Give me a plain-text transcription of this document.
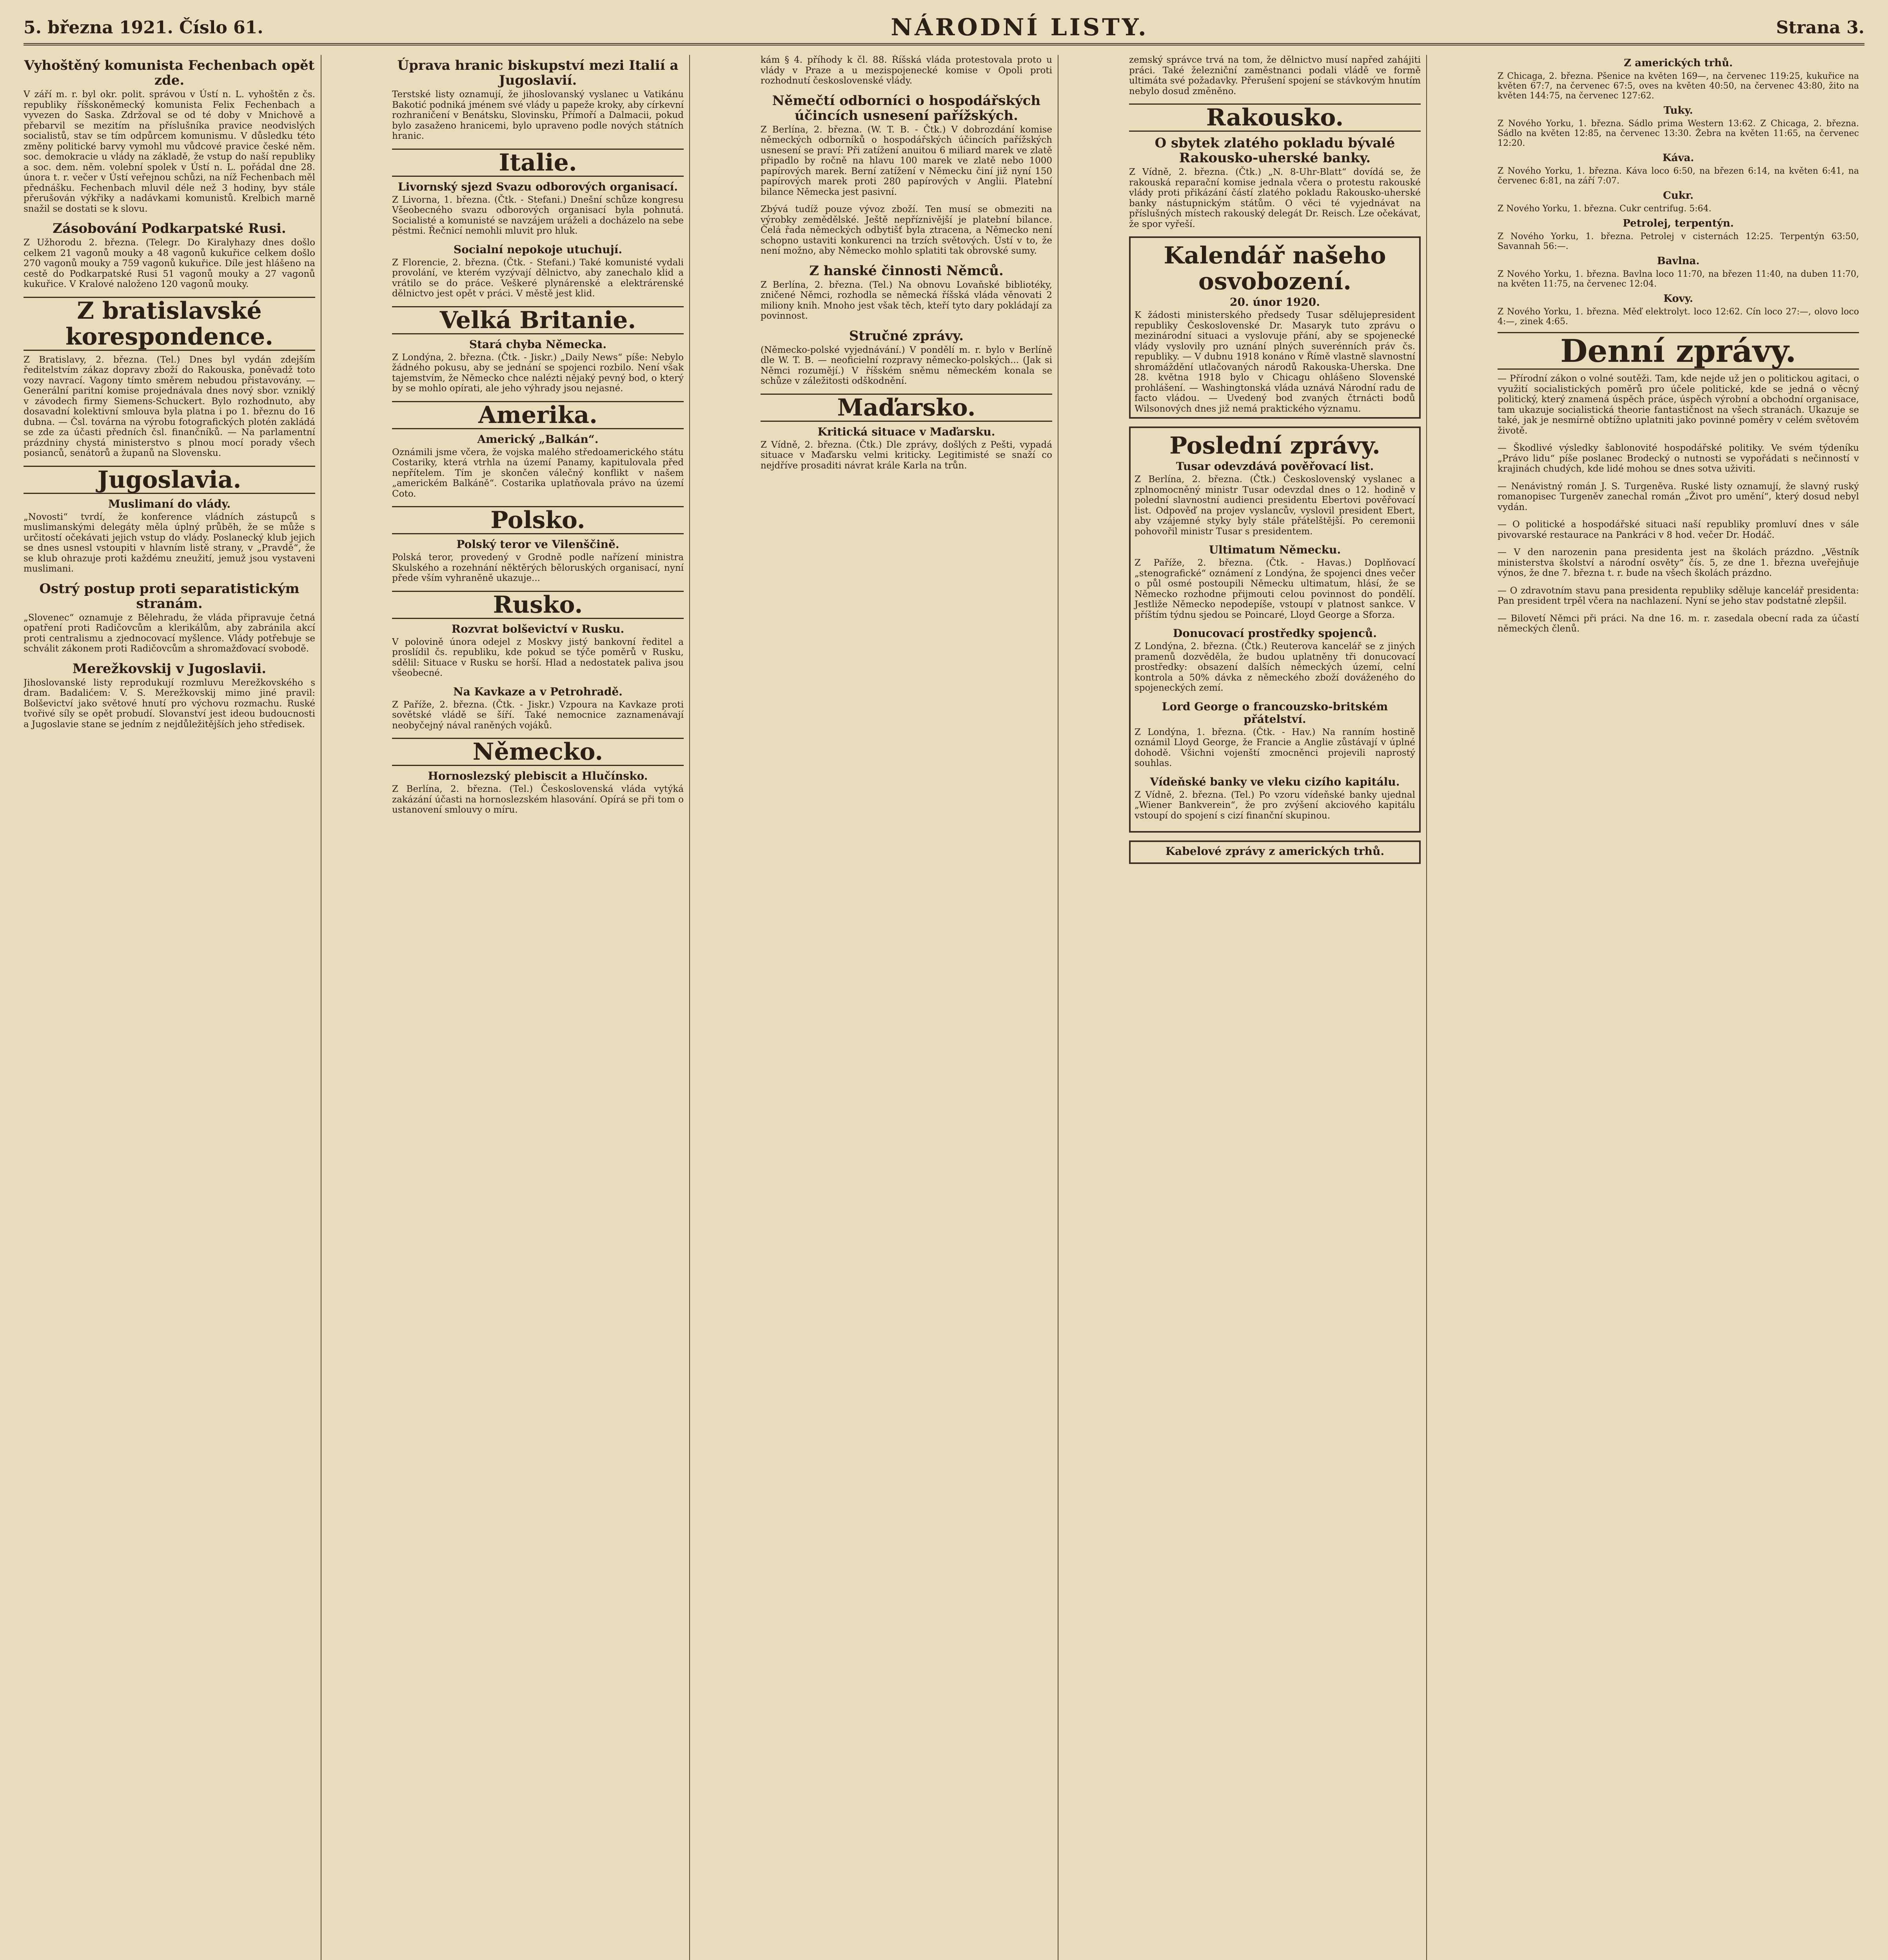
5. března 1921. Číslo 61.	NÁRODNÍ LISTY.	Strana 3.
Vyhoštěný komunista Fechenbach opět zde.
V září m. r. byl okr. polit. správou v Ústí n. L. vyhoštěn z čs. republiky říšskoněmecký komunista Felix Fechenbach a vyvezen do Saska. Zdržoval se od té doby v Mnichově a přebarvil se mezitím na příslušníka pravice neodvislých socialistů, stav se tím odpůrcem komunismu. V důsledku této změny politické barvy vymohl mu vůdcové pravice české něm. soc. demokracie u vlády na základě, že vstup do naší republiky a soc. dem. něm. volební spolek v Ústí n. L. pořádal dne 28. února t. r. večer v Ústí veřejnou schůzi, na níž Fechenbach měl přednášku. Fechenbach mluvil déle než 3 hodiny, byv stále přerušován výkřiky a nadávkami komunistů. Krelbich marně snažil se dostati se k slovu.
Zásobování Podkarpatské Rusi.
Z Užhorodu 2. března. (Telegr. Do Kiralyhazy dnes došlo celkem 21 vagonů mouky a 48 vagonů kukuřice celkem došlo 270 vagonů mouky a 759 vagonů kukuřice. Díle jest hlášeno na cestě do Podkarpatské Rusi 51 vagonů mouky a 27 vagonů kukuřice. V Kralové naloženo 120 vagonů mouky.
Z bratislavské korespondence.
Z Bratislavy, 2. března. (Tel.) Dnes byl vydán zdejším ředitelstvím zákaz dopravy zboží do Rakouska, poněvadž toto vozy navrací. Vagony tímto směrem nebudou přistavovány. — Generální paritní komise projednávala dnes nový sbor. vzniklý v závodech firmy Siemens-Schuckert. Bylo rozhodnuto, aby dosavadní kolektivní smlouva byla platna i po 1. březnu do 16 dubna. — Čsl. továrna na výrobu fotografických plotén zakládá se zde za účasti předních čsl. finančníků. — Na parlamentní prázdniny chystá ministerstvo s plnou mocí porady všech posianců, senátorů a županů na Slovensku.
Jugoslavia.
Muslimaní do vlády.
„Novosti“ tvrdí, že konference vládních zástupců s muslimanskými delegáty měla úplný průběh, že se může s určitostí očekávati jejich vstup do vlády. Poslanecký klub jejich se dnes usnesl vstoupiti v hlavním listě strany, v „Pravdě“, že se klub ohrazuje proti každému zneužití, jemuž jsou vystaveni muslimani.
Ostrý postup proti separatistickým stranám.
„Slovenec“ oznamuje z Bělehradu, že vláda připravuje četná opatření proti Radičovcům a klerikálům, aby zabránila akcí proti centralismu a zjednocovací myšlence. Vlády potřebuje se schválit zákonem proti Radičovcům a shromažďovací svobodě.
Merežkovskij v Jugoslavii.
Jihoslovanské listy reprodukují rozmluvu Merežkovského s dram. Badalićem: V. S. Merežkovskij mimo jiné pravil: Bolševictví jako světové hnutí pro výchovu rozmachu. Ruské tvořivé síly se opět probudí. Slovanství jest ideou budoucnosti a Jugoslavie stane se jedním z nejdůležitějších jeho středisek.
Úprava hranic biskupství mezi Italií a Jugoslavií.
Terstské listy oznamují, že jihoslovanský vyslanec u Vatikánu Bakotić podniká jménem své vlády u papeže kroky, aby církevní rozhraničení v Benátsku, Slovinsku, Přímoří a Dalmacii, pokud bylo zasaženo hranicemi, bylo upraveno podle nových státních hranic.
Italie.
Livornský sjezd Svazu odborových organisací.
Z Livorna, 1. března. (Čtk. - Stefani.) Dnešní schůze kongresu Všeobecného svazu odborových organisací byla pohnutá. Socialisté a komunisté se navzájem uráželi a docházelo na sebe pěstmi. Řečnicí nemohli mluvit pro hluk.
Socialní nepokoje utuchují.
Z Florencie, 2. března. (Čtk. - Stefani.) Také komunisté vydali provolání, ve kterém vyzývají dělnictvo, aby zanechalo klid a vrátilo se do práce. Veškeré plynárenské a elektrárenské dělnictvo jest opět v práci. V městě jest klid.
Velká Britanie.
Stará chyba Německa.
Z Londýna, 2. března. (Čtk. - Jiskr.) „Daily News“ píše: Nebylo žádného pokusu, aby se jednání se spojenci rozbilo. Není však tajemstvím, že Německo chce nalézti nějaký pevný bod, o který by se mohlo opírati, ale jeho výhrady jsou nejasné.
Amerika.
Americký „Balkán“.
Oznámili jsme včera, že vojska malého středoamerického státu Costariky, která vtrhla na území Panamy, kapitulovala před nepřítelem. Tím je skončen válečný konflikt v našem „americkém Balkáně“. Costarika uplatňovala právo na území Coto.
Polsko.
Polský teror ve Vilenščině.
Polská teror, provedený v Grodně podle nařízení ministra Skulského a rozehnání něktěrých běloruských organisací, nyní přede vším vyhraněně ukazuje...
Rusko.
Rozvrat bolševictví v Rusku.
V polovině února odejel z Moskvy jistý bankovní ředitel a proslídil čs. republiku, kde pokud se týče poměrů v Rusku, sdělil: Situace v Rusku se horší. Hlad a nedostatek paliva jsou všeobecné.
Na Kavkaze a v Petrohradě.
Z Paříže, 2. března. (Čtk. - Jiskr.) Vzpoura na Kavkaze proti sovětské vládě se šíří. Také nemocnice zaznamenávají neobyčejný nával raněných vojáků.
Německo.
Hornoslezský plebiscit a Hlučínsko.
Z Berlína, 2. března. (Tel.) Československá vláda vytýká zakázání účasti na hornoslezském hlasování. Opírá se při tom o ustanovení smlouvy o míru.
kám § 4. příhody k čl. 88. Říšská vláda protestovala proto u vlády v Praze a u mezispojenecké komise v Opoli proti rozhodnutí československé vlády.
Němečtí odborníci o hospodářských účincích usnesení pařížských.
Z Berlína, 2. března. (W. T. B. - Čtk.) V dobrozdání komise německých odborníků o hospodářských účincích pařížských usnesení se praví: Při zatížení anuitou 6 miliard marek ve zlatě připadlo by ročně na hlavu 100 marek ve zlatě nebo 1000 papírových marek. Berní zatížení v Německu činí již nyní 150 papírových marek proti 280 papírových v Anglii. Platební bilance Německa jest pasivní.
Zbývá tudíž pouze vývoz zboží. Ten musí se obmeziti na výrobky zemědělské. Ještě nepříznivější je platební bilance. Čelá řada německých odbytišť byla ztracena, a Německo není schopno ustaviti konkurenci na trzích světových. Ústí v to, že není možno, aby Německo mohlo splatiti tak obrovské sumy.
Z hanské činnosti Němců.
Z Berlína, 2. března. (Tel.) Na obnovu Lovaňské bibliotéky, zničené Němci, rozhodla se německá říšská vláda věnovati 2 miliony knih. Mnoho jest však těch, kteří tyto dary pokládají za povinnost.
Stručné zprávy.
(Německo-polské vyjednávání.) V pondělí m. r. bylo v Berlíně dle W. T. B. — neoficielní rozpravy německo-polských... (Jak si Němci rozumějí.) V říšském sněmu německém konala se schůze v záležitosti odškodnění.
Maďarsko.
Kritická situace v Maďarsku.
Z Vídně, 2. března. (Čtk.) Dle zprávy, došlých z Pešti, vypadá situace v Maďarsku velmi kriticky. Legitimisté se snaží co nejdříve prosaditi návrat krále Karla na trůn.
zemský správce trvá na tom, že dělnictvo musí napřed zahájiti práci. Také železniční zaměstnanci podali vládě ve formě ultimáta své požadavky. Přerušení spojení se stávkovým hnutím nebylo dosud změněno.
Rakousko.
O sbytek zlatého pokladu bývalé Rakousko-uherské banky.
Z Vídně, 2. března. (Čtk.) „N. 8-Uhr-Blatt“ dovídá se, že rakouská reparační komise jednala včera o protestu rakouské vlády proti přikázání částí zlatého pokladu Rakousko-uherské banky nástupnickým státům. O věci té vyjednávat na příslušných místech rakouský delegát Dr. Reisch. Lze očekávat, že spor vyřeší.
Kalendář našeho osvobození.
20. únor 1920.
K žádosti ministerského předsedy Tusar sdělujepresident republiky Československé Dr. Masaryk tuto zprávu o mezinárodní situaci a vyslovuje přání, aby se spojenecké vlády vyslovily pro uznání plných suverénních práv čs. republiky. — V dubnu 1918 konáno v Římě vlastně slavnostní shromáždění utlačovaných národů Rakouska-Uherska. Dne 28. května 1918 bylo v Chicagu ohlášeno Slovenské prohlášení. — Washingtonská vláda uznává Národní radu de facto vládou. — Uvedený bod zvaných čtrnácti bodů Wilsonových dnes již nemá praktického významu.
Poslední zprávy.
Tusar odevzdává pověřovací list.
Z Berlína, 2. března. (Čtk.) Československý vyslanec a zplnomocněný ministr Tusar odevzdal dnes o 12. hodině v polední slavnostní audienci presidentu Ebertovi pověřovací list. Odpověď na projev vyslancův, vyslovil president Ebert, aby vzájemné styky byly stále přátelštější. Po ceremonii pohovořil ministr Tusar s presidentem.
Ultimatum Německu.
Z Paříže, 2. března. (Čtk. - Havas.) Doplňovací „stenografické“ oznámení z Londýna, že spojenci dnes večer o půl osmé postoupili Německu ultimatum, hlásí, že se Německo rozhodne přijmouti celou povinnost do pondělí. Jestliže Německo nepodepíše, vstoupí v platnost sankce. V příštím týdnu sjedou se Poincaré, Lloyd George a Sforza.
Donucovací prostředky spojenců.
Z Londýna, 2. března. (Čtk.) Reuterova kancelář se z jiných pramenů dozvěděla, že budou uplatněny tři donucovací prostředky: obsazení dalších německých území, celní kontrola a 50% dávka z německého zboží dováženého do spojeneckých zemí.
Lord George o francouzsko-britském přátelství.
Z Londýna, 1. března. (Čtk. - Hav.) Na ranním hostině oznámil Lloyd George, že Francie a Anglie zůstávají v úplné dohodě. Všichni vojenští zmocněnci projevili naprostý souhlas.
Vídeňské banky ve vleku cizího kapitálu.
Z Vídně, 2. března. (Tel.) Po vzoru vídeňské banky ujednal „Wiener Bankverein“, že pro zvýšení akciového kapitálu vstoupí do spojení s cizí finanční skupinou.
Kabelové zprávy z amerických trhů.
Z amerických trhů.
Z Chicaga, 2. března. Pšenice na květen 169—, na červenec 119:25, kukuřice na květen 67:7, na červenec 67:5, oves na květen 40:50, na červenec 43:80, žito na květen 144:75, na červenec 127:62.
Tuky.
Z Nového Yorku, 1. března. Sádlo prima Western 13:62. Z Chicaga, 2. března. Sádlo na květen 12:85, na červenec 13:30. Žebra na květen 11:65, na červenec 12:20.
Káva.
Z Nového Yorku, 1. března. Káva loco 6:50, na březen 6:14, na květen 6:41, na červenec 6:81, na září 7:07.
Cukr.
Z Nového Yorku, 1. března. Cukr centrifug. 5:64.
Petrolej, terpentýn.
Z Nového Yorku, 1. března. Petrolej v cisternách 12:25. Terpentýn 63:50, Savannah 56:—.
Bavlna.
Z Nového Yorku, 1. března. Bavlna loco 11:70, na březen 11:40, na duben 11:70, na květen 11:75, na červenec 12:04.
Kovy.
Z Nového Yorku, 1. března. Měď elektrolyt. loco 12:62. Cín loco 27:—, olovo loco 4:—, zinek 4:65.
Denní zprávy.
— Přírodní zákon o volné soutěži. Tam, kde nejde už jen o politickou agitaci, o využití socialistických poměrů pro účele politické, kde se jedná o věcný politický, který znamená úspěch práce, úspěch výrobní a obchodní organisace, tam ukazuje socialistická theorie fantastičnost na všech stranách. Ukazuje se také, jak je nesmírně obtížno uplatniti jako povinné poměry v celém světovém životě.
— Škodlivé výsledky šablonovité hospodářské politiky. Ve svém týdeníku „Právo lidu“ píše poslanec Brodecký o nutnosti se vypořádati s nečinností v krajinách chudých, kde lidé mohou se dnes sotva uživiti.
— Nenávistný román J. S. Turgeněva. Ruské listy oznamují, že slavný ruský romanopisec Turgeněv zanechal román „Život pro umění“, který dosud nebyl vydán.
— O politické a hospodářské situaci naší republiky promluví dnes v sále pivovarské restaurace na Pankráci v 8 hod. večer Dr. Hodáč.
— V den narozenin pana presidenta jest na školách prázdno. „Věstník ministerstva školství a národní osvěty“ čís. 5, ze dne 1. března uveřejňuje výnos, že dne 7. března t. r. bude na všech školách prázdno.
— O zdravotním stavu pana presidenta republiky sděluje kancelář presidenta: Pan president trpěl včera na nachlazení. Nyní se jeho stav podstatně zlepšil.
— Bilovetí Němci při práci. Na dne 16. m. r. zasedala obecní rada za účastí německých členů.
